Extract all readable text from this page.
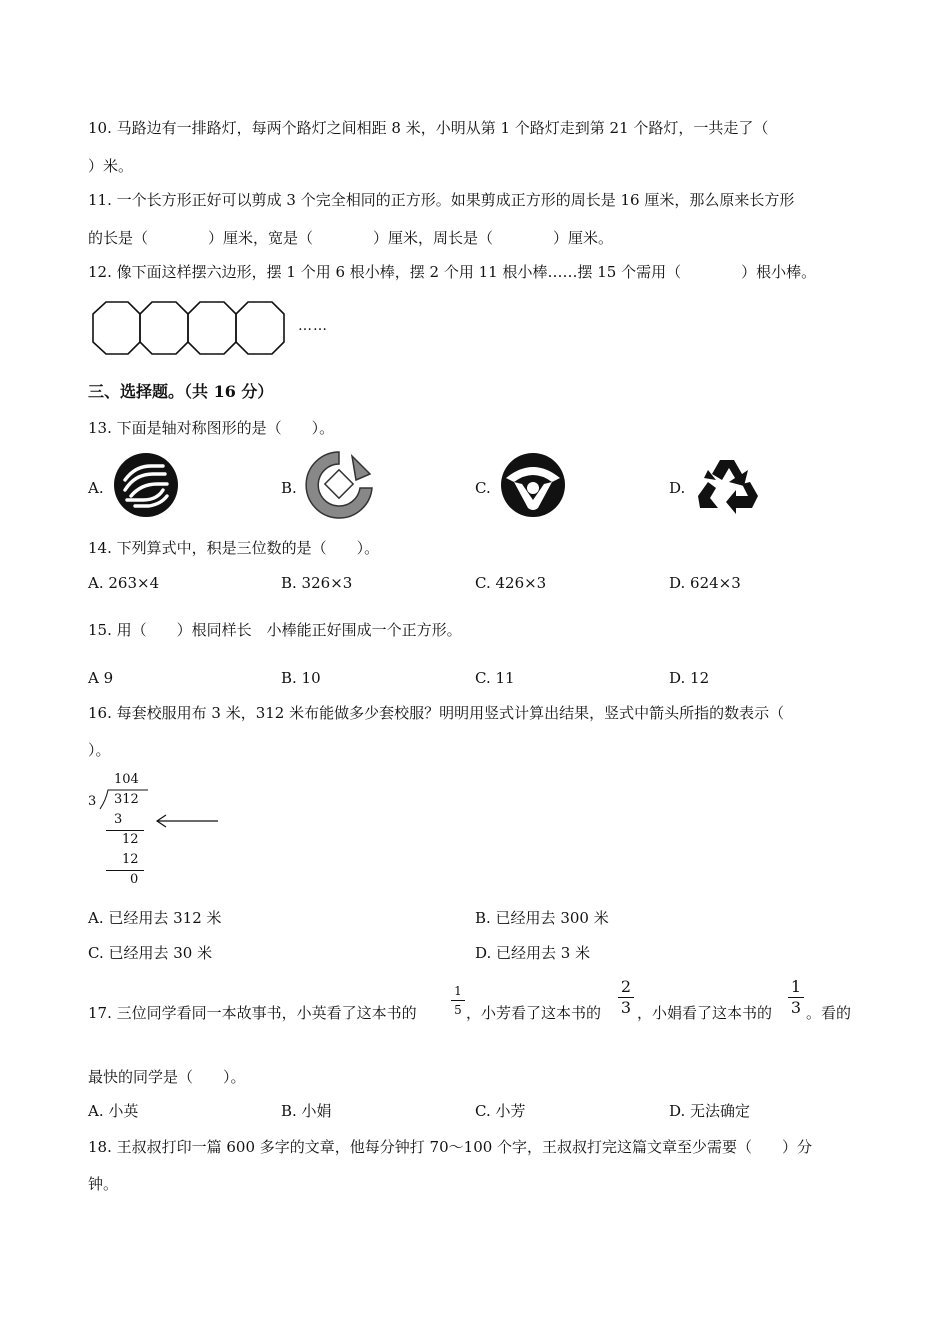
10. 马路边有一排路灯，每两个路灯之间相距 8 米，小明从第 1 个路灯走到第 21 个路灯，一共走了（
）米。
11. 一个长方形正好可以剪成 3 个完全相同的正方形。如果剪成正方形的周长是 16 厘米，那么原来长方形
的长是（　　　　）厘米，宽是（　　　　）厘米，周长是（　　　　）厘米。
12. 像下面这样摆六边形，摆 1 个用 6 根小棒，摆 2 个用 11 根小棒……摆 15 个需用（　　　　）根小棒。
……
三、选择题。（共 16 分）
13. 下面是轴对称图形的是（　　）。
A.	B.	C.	D.
14. 下列算式中，积是三位数的是（　　）。
A. 263×4	B. 326×3	C. 426×3	D. 624×3
15. 用（　　）根同样长　小棒能正好围成一个正方形。
A 9	B. 10	C. 11	D. 12
16. 每套校服用布 3 米，312 米布能做多少套校服？明明用竖式计算出结果，竖式中箭头所指的数表示（
）。
104
3 312
3
12
12
0
A. 已经用去 312 米	B. 已经用去 300 米
C. 已经用去 30 米	D. 已经用去 3 米
17. 三位同学看同一本故事书，小英看了这本书的
1
5 ，小芳看了这本书的
2
3 ，小娟看了这本书的
1
3 。看的
最快的同学是（　　）。
A. 小英	B. 小娟	C. 小芳	D. 无法确定
18. 王叔叔打印一篇 600 多字的文章，他每分钟打 70～100 个字，王叔叔打完这篇文章至少需要（　　）分
钟。
